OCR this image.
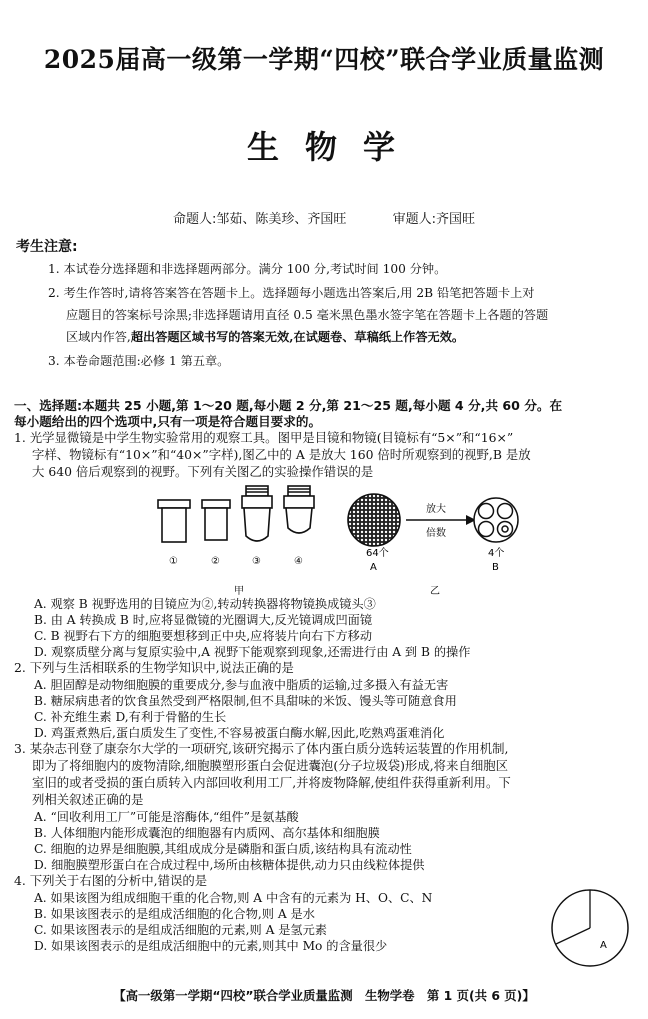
2025届高一级第一学期“四校”联合学业质量监测
生物学
命题人:邹茹、陈美珍、齐国旺	审题人:齐国旺
考生注意:
1. 本试卷分选择题和非选择题两部分。满分 100 分,考试时间 100 分钟。
2. 考生作答时,请将答案答在答题卡上。选择题每小题选出答案后,用 2B 铅笔把答题卡上对
应题目的答案标号涂黑;非选择题请用直径 0.5 毫米黑色墨水签字笔在答题卡上各题的答题
区域内作答,超出答题区域书写的答案无效,在试题卷、草稿纸上作答无效。
3. 本卷命题范围:必修 1 第五章。
一、选择题:本题共 25 小题,第 1～20 题,每小题 2 分,第 21～25 题,每小题 4 分,共 60 分。在
每小题给出的四个选项中,只有一项是符合题目要求的。
1. 光学显微镜是中学生物实验常用的观察工具。图甲是目镜和物镜(目镜标有“5×”和“16×”
字样、物镜标有“10×”和“40×”字样),图乙中的 A 是放大 160 倍时所观察到的视野,B 是放
大 640 倍后观察到的视野。下列有关图乙的实验操作错误的是
①	②	③	④
放大
倍数
64个
A
4个
B
甲	乙
A. 观察 B 视野选用的目镜应为②,转动转换器将物镜换成镜头③
B. 由 A 转换成 B 时,应将显微镜的光圈调大,反光镜调成凹面镜
C. B 视野右下方的细胞要想移到正中央,应将装片向右下方移动
D. 观察质壁分离与复原实验中,A 视野下能观察到现象,还需进行由 A 到 B 的操作
2. 下列与生活相联系的生物学知识中,说法正确的是
A. 胆固醇是动物细胞膜的重要成分,参与血液中脂质的运输,过多摄入有益无害
B. 糖尿病患者的饮食虽然受到严格限制,但不具甜味的米饭、馒头等可随意食用
C. 补充维生素 D,有利于骨骼的生长
D. 鸡蛋煮熟后,蛋白质发生了变性,不容易被蛋白酶水解,因此,吃熟鸡蛋难消化
3. 某杂志刊登了康奈尔大学的一项研究,该研究揭示了体内蛋白质分选转运装置的作用机制,
即为了将细胞内的废物清除,细胞膜塑形蛋白会促进囊泡(分子垃圾袋)形成,将来自细胞区
室旧的或者受损的蛋白质转入内部回收利用工厂,并将废物降解,使组件获得重新利用。下
列相关叙述正确的是
A. “回收利用工厂”可能是溶酶体,“组件”是氨基酸
B. 人体细胞内能形成囊泡的细胞器有内质网、高尔基体和细胞膜
C. 细胞的边界是细胞膜,其组成成分是磷脂和蛋白质,该结构具有流动性
D. 细胞膜塑形蛋白在合成过程中,场所由核糖体提供,动力只由线粒体提供
4. 下列关于右图的分析中,错误的是
A. 如果该图为组成细胞干重的化合物,则 A 中含有的元素为 H、O、C、N
B. 如果该图表示的是组成活细胞的化合物,则 A 是水
C. 如果该图表示的是组成活细胞的元素,则 A 是氢元素
D. 如果该图表示的是组成活细胞中的元素,则其中 Mo 的含量很少	A
【高一级第一学期“四校”联合学业质量监测　生物学卷　第 1 页(共 6 页)】
